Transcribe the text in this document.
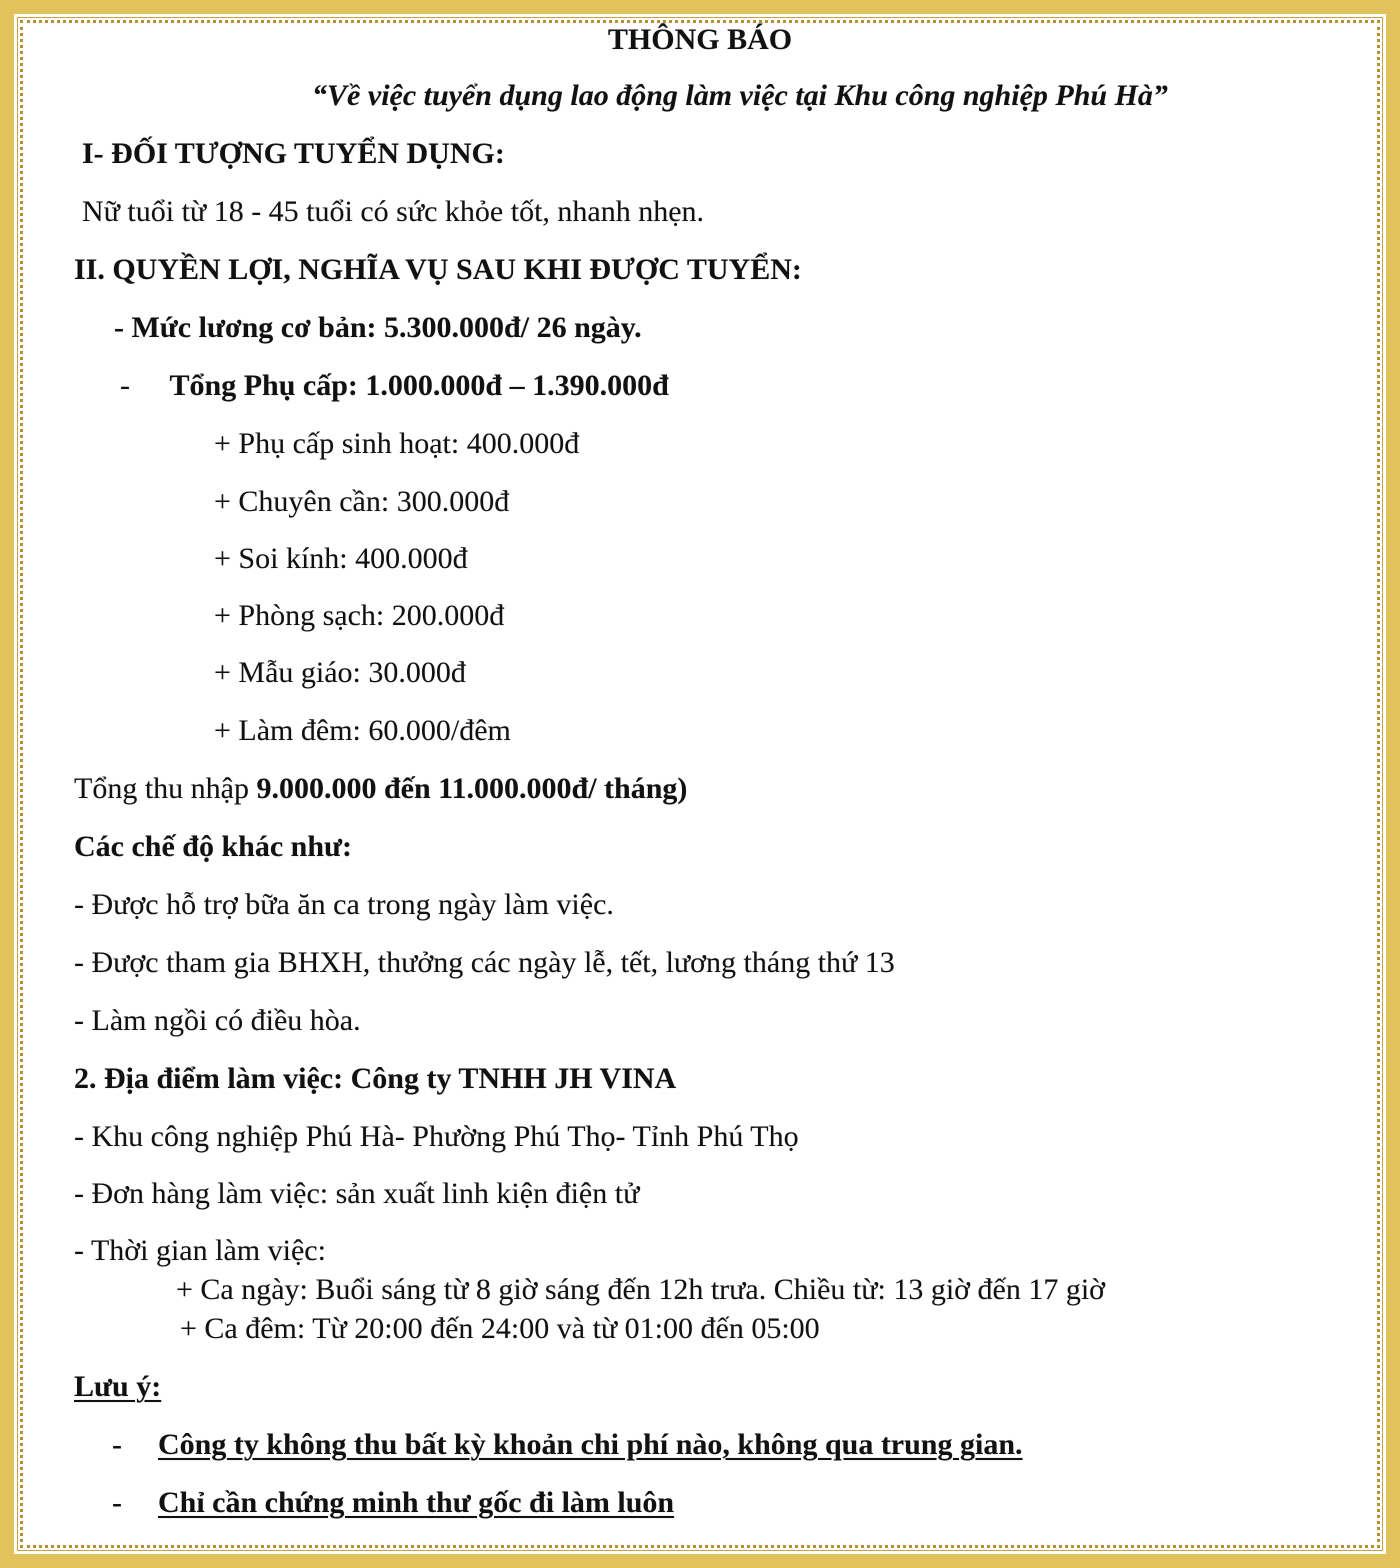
THÔNG BÁO
“Về việc tuyển dụng lao động làm việc tại Khu công nghiệp Phú Hà”
I- ĐỐI TƯỢNG TUYỂN DỤNG:
Nữ tuổi từ 18 - 45 tuổi có sức khỏe tốt, nhanh nhẹn.
II. QUYỀN LỢI, NGHĨA VỤ SAU KHI ĐƯỢC TUYỂN:
- Mức lương cơ bản: 5.300.000đ/ 26 ngày.
- Tổng Phụ cấp: 1.000.000đ – 1.390.000đ
+ Phụ cấp sinh hoạt: 400.000đ
+ Chuyên cần: 300.000đ
+ Soi kính: 400.000đ
+ Phòng sạch: 200.000đ
+ Mẫu giáo: 30.000đ
+ Làm đêm: 60.000/đêm
Tổng thu nhập 9.000.000 đến 11.000.000đ/ tháng)
Các chế độ khác như:
- Được hỗ trợ bữa ăn ca trong ngày làm việc.
- Được tham gia BHXH, thưởng các ngày lễ, tết, lương tháng thứ 13
- Làm ngồi có điều hòa.
2. Địa điểm làm việc: Công ty TNHH JH VINA
- Khu công nghiệp Phú Hà- Phường Phú Thọ- Tỉnh Phú Thọ
- Đơn hàng làm việc: sản xuất linh kiện điện tử
- Thời gian làm việc:
+ Ca ngày: Buổi sáng từ 8 giờ sáng đến 12h trưa. Chiều từ: 13 giờ đến 17 giờ
+ Ca đêm: Từ 20:00 đến 24:00 và từ 01:00 đến 05:00
Lưu ý:
- Công ty không thu bất kỳ khoản chi phí nào, không qua trung gian.
- Chỉ cần chứng minh thư gốc đi làm luôn
